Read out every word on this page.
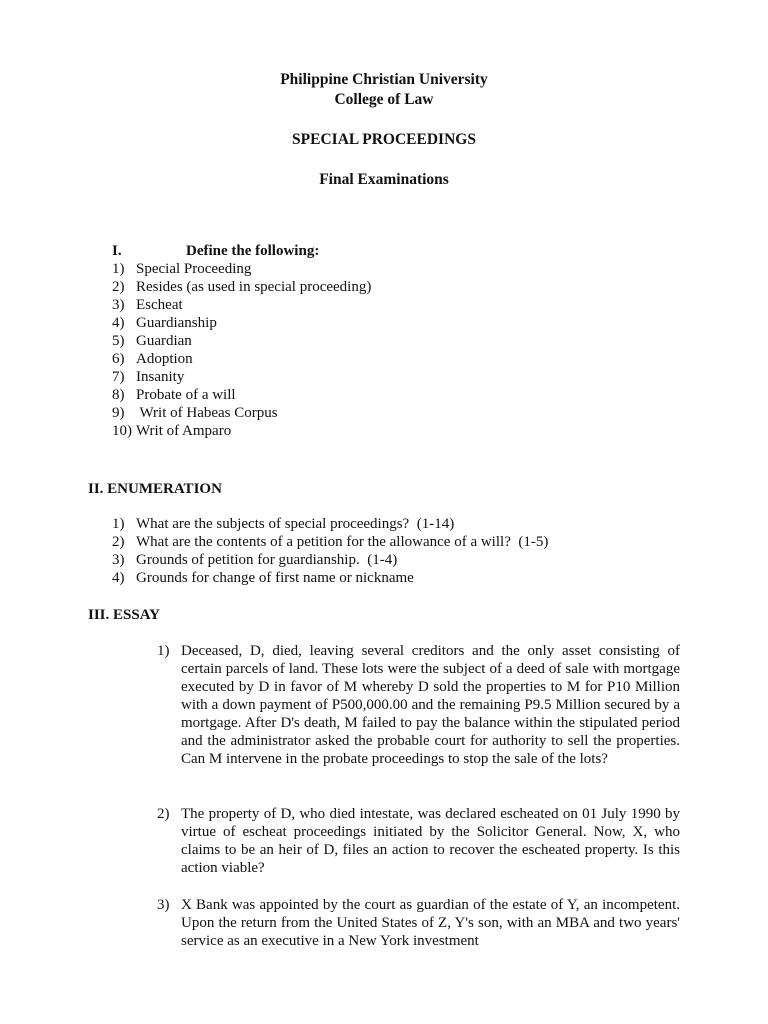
Philippine Christian University
College of Law
SPECIAL PROCEEDINGS
Final Examinations
I.	Define the following:
1) Special Proceeding
2) Resides (as used in special proceeding)
3) Escheat
4) Guardianship
5) Guardian
6) Adoption
7) Insanity
8) Probate of a will
9) Writ of Habeas Corpus
10) Writ of Amparo
II. ENUMERATION
1) What are the subjects of special proceedings?  (1-14)
2) What are the contents of a petition for the allowance of a will?  (1-5)
3) Grounds of petition for guardianship.  (1-4)
4) Grounds for change of first name or nickname
III. ESSAY
1) Deceased, D, died, leaving several creditors and the only asset consisting of certain parcels of land. These lots were the subject of a deed of sale with mortgage executed by D in favor of M whereby D sold the properties to M for P10 Million with a down payment of P500,000.00 and the remaining P9.5 Million secured by a mortgage. After D's death, M failed to pay the balance within the stipulated period and the administrator asked the probable court for authority to sell the properties. Can M intervene in the probate proceedings to stop the sale of the lots?
2) The property of D, who died intestate, was declared escheated on 01 July 1990 by virtue of escheat proceedings initiated by the Solicitor General. Now, X, who claims to be an heir of D, files an action to recover the escheated property. Is this action viable?
3) X Bank was appointed by the court as guardian of the estate of Y, an incompetent. Upon the return from the United States of Z, Y's son, with an MBA and two years' service as an executive in a New York investment
